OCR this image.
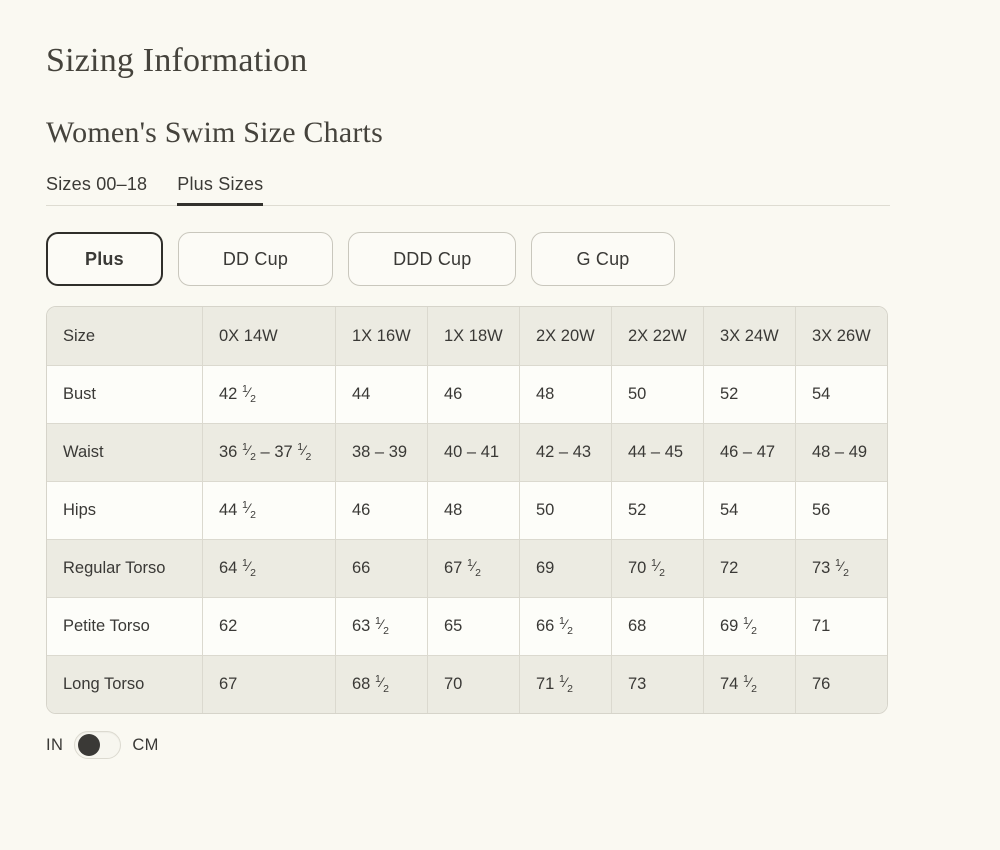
Sizing Information
Women's Swim Size Charts
Sizes 00–18 Plus Sizes
Plus	DD Cup	DDD Cup	G Cup
Size	0X 14W	1X 16W	1X 18W	2X 20W	2X 22W	3X 24W	3X 26W
Bust	42 $^1⁄_2$	44	46	48	50	52	54
Waist	36 $^1⁄_2 - 37$ $^1⁄_2$	38 – 39	40 – 41	42 – 43	44 – 45	46 – 47	48 – 49
Hips	44 $^1⁄_2$	46	48	50	52	54	56
Regular Torso	64 $^1⁄_2$	66	67 $^1⁄_2$	69	70 $^1⁄_2$	72	73 $^1⁄_2$
Petite Torso	62	63 $^1⁄_2$	65	66 $^1⁄_2$	68	69 $^1⁄_2$	71
Long Torso	67	68 $^1⁄_2$	70	71 $^1⁄_2$	73	74 $^1⁄_2$	76
IN	CM
